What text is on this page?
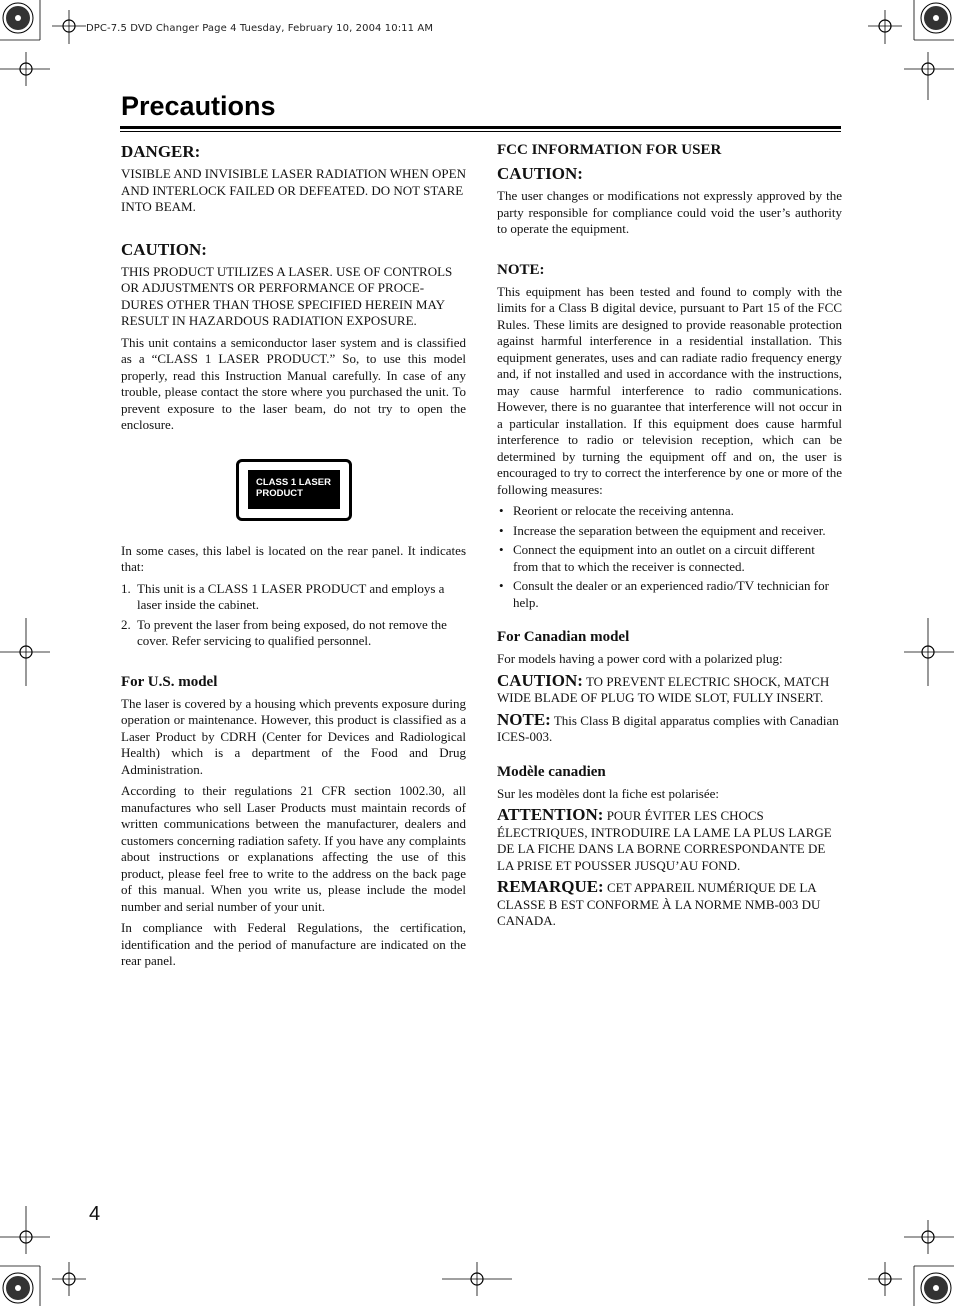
DPC-7.5 DVD Changer Page 4 Tuesday, February 10, 2004 10:11 AM
Precautions
DANGER:

VISIBLE AND INVISIBLE LASER RADIATION WHEN OPEN AND INTERLOCK FAILED OR DEFEATED. DO NOT STARE INTO BEAM.

CAUTION:

THIS PRODUCT UTILIZES A LASER. USE OF CONTROLS OR ADJUSTMENTS OR PERFORMANCE OF PROCE-DURES OTHER THAN THOSE SPECIFIED HEREIN MAY RESULT IN HAZARDOUS RADIATION EXPOSURE.

This unit contains a semiconductor laser system and is classified as a “CLASS 1 LASER PRODUCT.” So, to use this model properly, read this Instruction Manual carefully. In case of any trouble, please contact the store where you purchased the unit. To prevent exposure to the laser beam, do not try to open the enclosure.

CLASS 1 LASER
PRODUCT

In some cases, this label is located on the rear panel. It indicates that:

1. This unit is a CLASS 1 LASER PRODUCT and employs a laser inside the cabinet.
2. To prevent the laser from being exposed, do not remove the cover. Refer servicing to qualified personnel.
For U.S. model

The laser is covered by a housing which prevents exposure during operation or maintenance. However, this product is classified as a Laser Product by CDRH (Center for Devices and Radiological Health) which is a department of the Food and Drug Administration.

According to their regulations 21 CFR section 1002.30, all manufactures who sell Laser Products must maintain records of written communications between the manufacturer, dealers and customers concerning radiation safety. If you have any complaints about instructions or explanations affecting the use of this product, please feel free to write to the address on the back page of this manual. When you write us, please include the model number and serial number of your unit.

In compliance with Federal Regulations, the certification, identification and the period of manufacture are indicated on the rear panel.

FCC INFORMATION FOR USER
CAUTION:

The user changes or modifications not expressly approved by the party responsible for compliance could void the user’s authority to operate the equipment.

NOTE:

This equipment has been tested and found to comply with the limits for a Class B digital device, pursuant to Part 15 of the FCC Rules. These limits are designed to provide reasonable protection against harmful interference in a residential installation. This equipment generates, uses and can radiate radio frequency energy and, if not installed and used in accordance with the instructions, may cause harmful interference to radio communications. However, there is no guarantee that interference will not occur in a particular installation. If this equipment does cause harmful interference to radio or television reception, which can be determined by turning the equipment off and on, the user is encouraged to try to correct the interference by one or more of the following measures:

• Reorient or relocate the receiving antenna.
• Increase the separation between the equipment and receiver.
• Connect the equipment into an outlet on a circuit different from that to which the receiver is connected.
• Consult the dealer or an experienced radio/TV technician for help.
For Canadian model

For models having a power cord with a polarized plug:

CAUTION: TO PREVENT ELECTRIC SHOCK, MATCH WIDE BLADE OF PLUG TO WIDE SLOT, FULLY INSERT.

NOTE: This Class B digital apparatus complies with Canadian ICES-003.

Modèle canadien

Sur les modèles dont la fiche est polarisée:

ATTENTION: POUR ÉVITER LES CHOCS ÉLECTRIQUES, INTRODUIRE LA LAME LA PLUS LARGE DE LA FICHE DANS LA BORNE CORRESPONDANTE DE LA PRISE ET POUSSER JUSQU’AU FOND.

REMARQUE: CET APPAREIL NUMÉRIQUE DE LA CLASSE B EST CONFORME À LA NORME NMB-003 DU CANADA.

4
